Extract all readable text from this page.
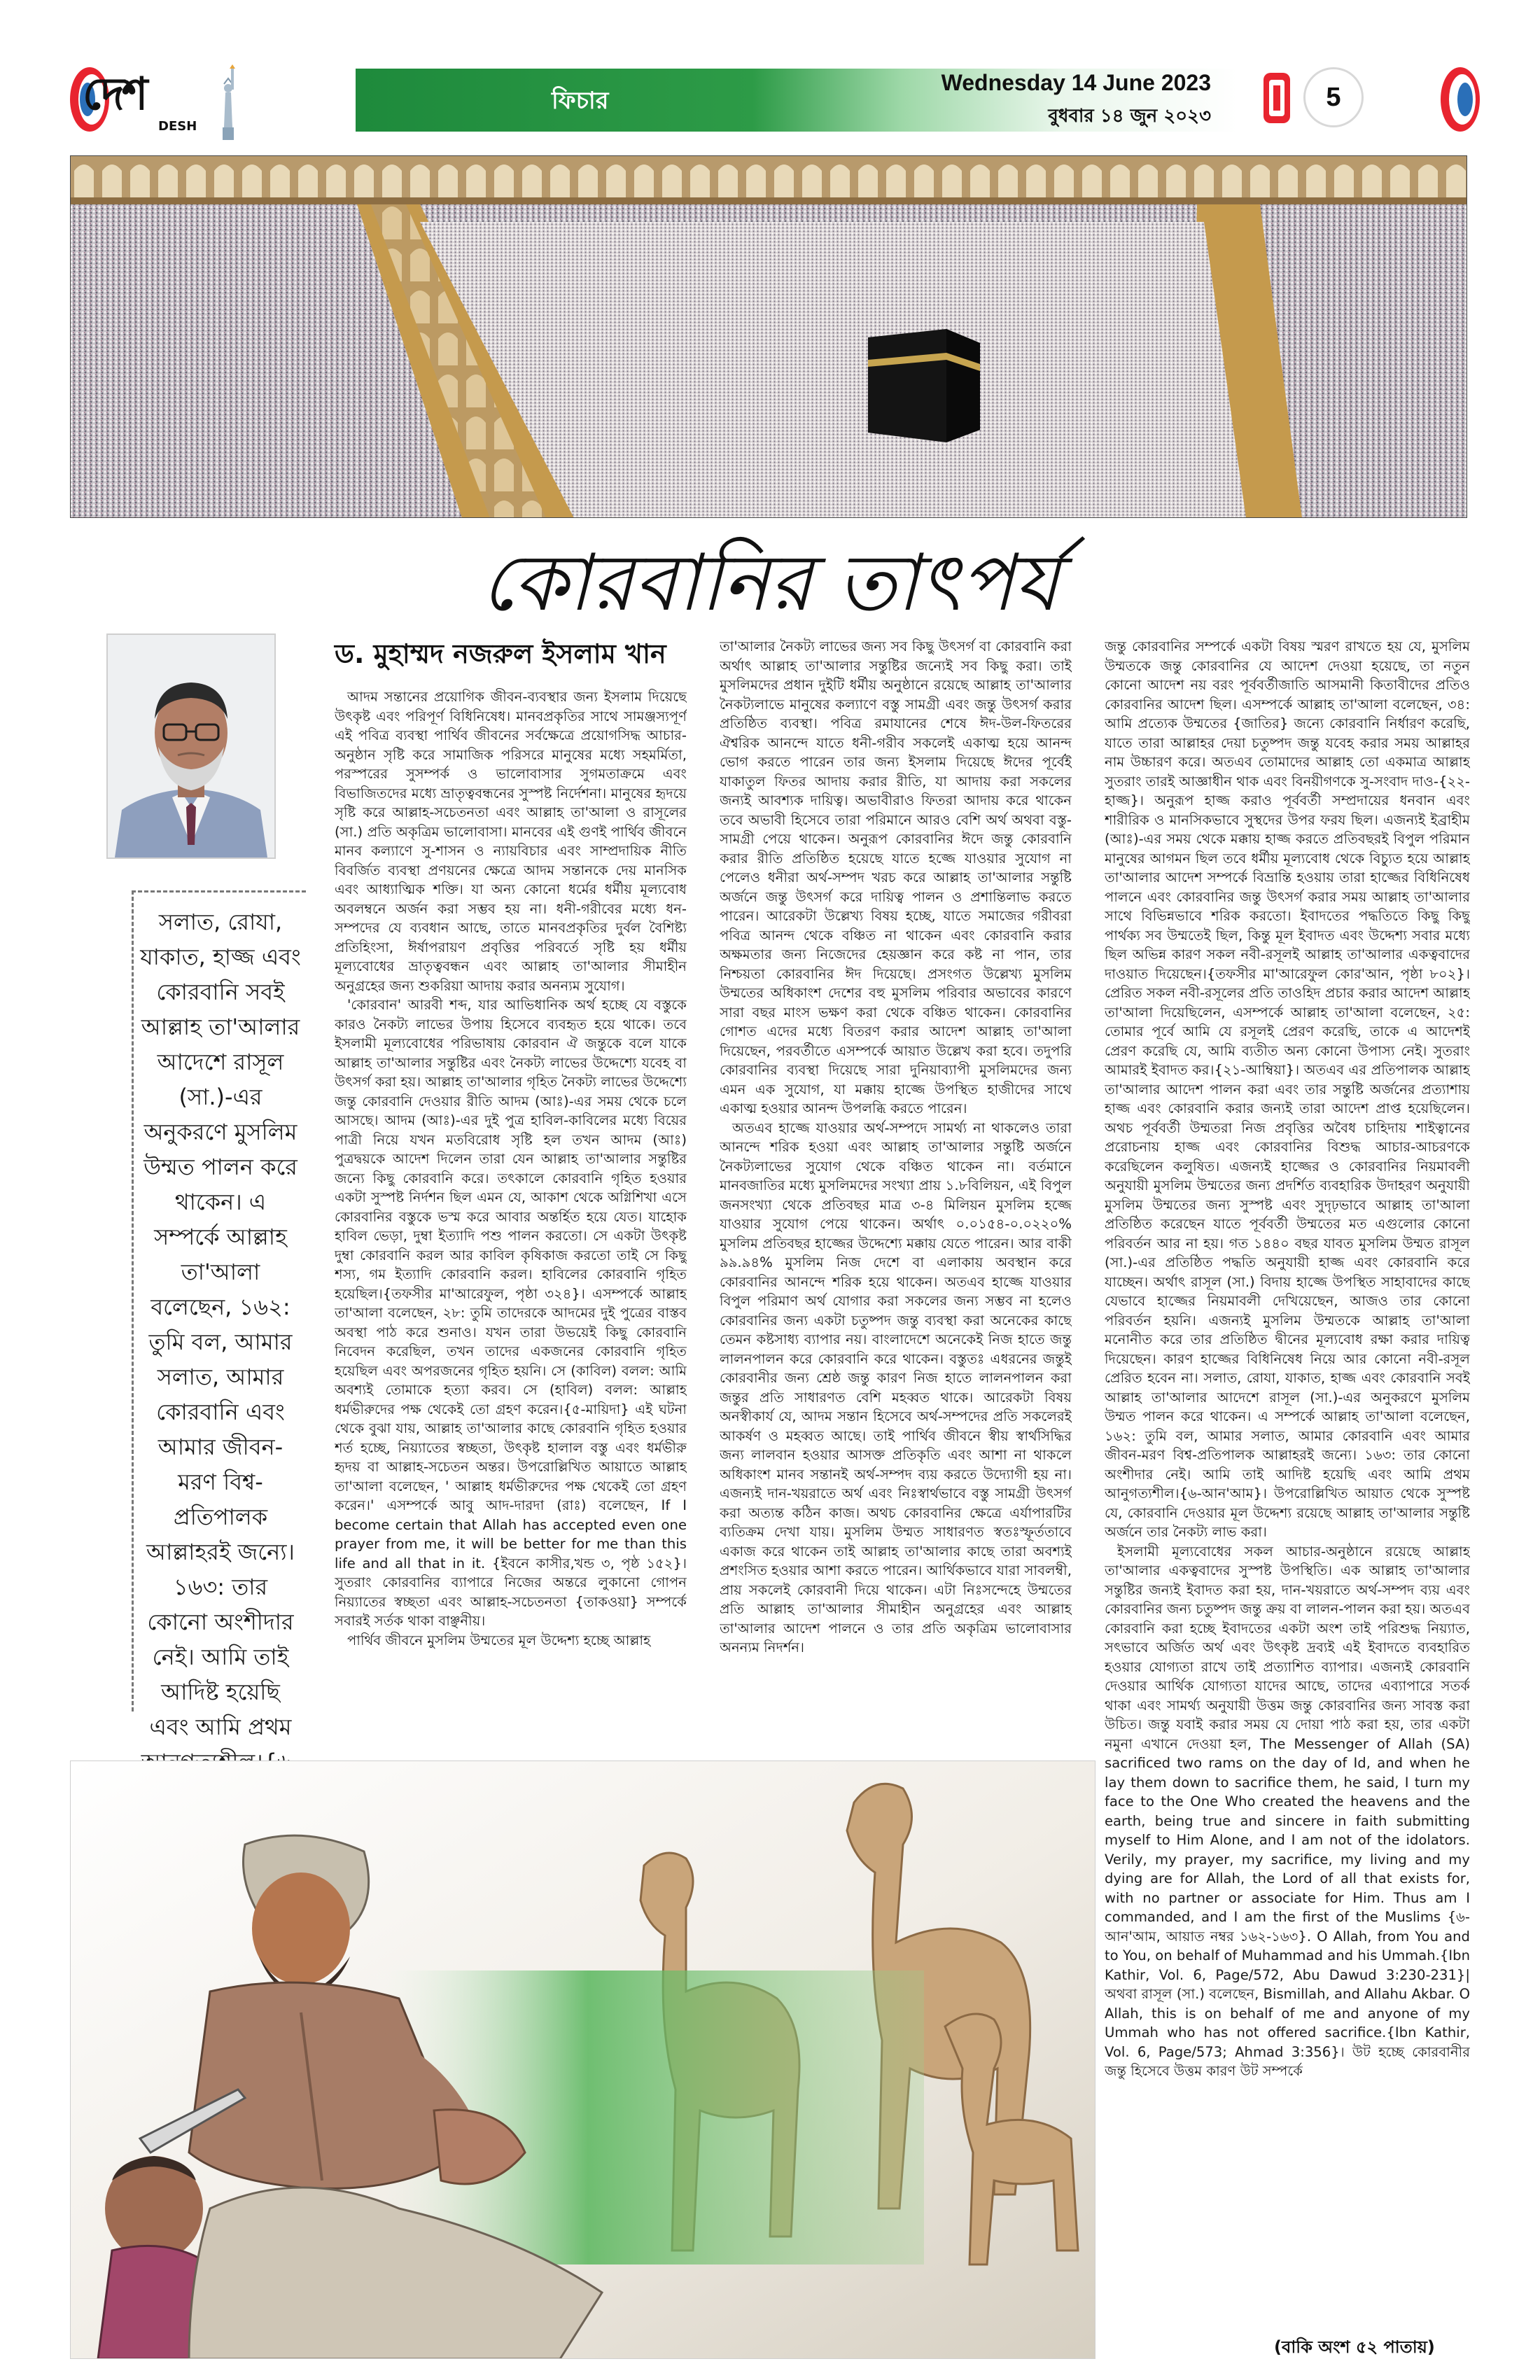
দেশ
DESH
ফিচার
Wednesday 14 June 2023
বুধবার ১৪ জুন ২০২৩
5
কোরবানির তাৎপর্য
ড. মুহাম্মদ নজরুল ইসলাম খান
সলাত, রোযা, যাকাত, হাজ্জ এবং কোরবানি সবই আল্লাহ তা'আলার আদেশে রাসূল (সা.)-এর অনুকরণে মুসলিম উম্মত পালন করে থাকেন। এ সম্পর্কে আল্লাহ তা'আলা বলেছেন, ১৬২: তুমি বল, আমার সলাত, আমার কোরবানি এবং আমার জীবন-মরণ বিশ্ব-প্রতিপালক আল্লাহরই জন্যে। ১৬৩: তার কোনো অংশীদার নেই। আমি তাই আদিষ্ট হয়েছি এবং আমি প্রথম

আদম সন্তানের প্রয়োগিক জীবন-ব্যবস্থার জন্য ইসলাম দিয়েছে উৎকৃষ্ট এবং পরিপূর্ণ বিধিনিষেধ। মানবপ্রকৃতির সাথে সামঞ্জস্যপূর্ণ এই পবিত্র ব্যবস্থা পার্থিব জীবনের সর্বক্ষেত্রে প্রয়োগসিদ্ধ আচার-অনুষ্ঠান সৃষ্টি করে সামাজিক পরিসরে মানুষের মধ্যে সহমর্মিতা, পরস্পরের সুসম্পর্ক ও ভালোবাসার সুগমতাক্রমে এবং বিভাজিতদের মধ্যে ভ্রাতৃত্ববন্ধনের সুস্পষ্ট নির্দেশনা। মানুষের হৃদয়ে সৃষ্টি করে আল্লাহ-সচেতনতা এবং আল্লাহ তা'আলা ও রাসূলের (সা.) প্রতি অকৃত্রিম ভালোবাসা। মানবের এই গুণই পার্থিব জীবনে মানব কল্যাণে সু-শাসন ও ন্যায়বিচার এবং সাম্প্রদায়িক নীতি বিবর্জিত ব্যবস্থা প্রণয়নের ক্ষেত্রে আদম সন্তানকে দেয় মানসিক এবং আধ্যাত্মিক শক্তি। যা অন্য কোনো ধর্মের ধর্মীয় মূল্যবোধ অবলম্বনে অর্জন করা সম্ভব হয় না। ধনী-গরীবের মধ্যে ধন-সম্পদের যে ব্যবধান আছে, তাতে মানবপ্রকৃতির দুর্বল বৈশিষ্ট্য প্রতিহিংসা, ঈর্ষাপরায়ণ প্রবৃত্তির পরিবর্তে সৃষ্টি হয় ধর্মীয় মূল্যবোধের ভ্রাতৃত্ববন্ধন এবং আল্লাহ তা'আলার সীমাহীন অনুগ্রহের জন্য শুকরিয়া আদায় করার অনন্যম সুযোগ।

'কোরবান' আরবী শব্দ, যার আভিধানিক অর্থ হচ্ছে যে বস্তুকে কারও নৈকট্য লাভের উপায় হিসেবে ব্যবহৃত হয়ে থাকে। তবে ইসলামী মূল্যবোধের পরিভাষায় কোরবান ঐ জন্তুকে বলে যাকে আল্লাহ তা'আলার সন্তুষ্টির এবং নৈকট্য লাভের উদ্দেশ্যে যবেহ বা উৎসর্গ করা হয়। আল্লাহ তা'আলার গৃহিত নৈকট্য লাভের উদ্দেশ্যে জন্তু কোরবানি দেওয়ার রীতি আদম (আঃ)-এর সময় থেকে চলে আসছে। আদম (আঃ)-এর দুই পুত্র হাবিল-কাবিলের মধ্যে বিয়ের পাত্রী নিয়ে যখন মতবিরোধ সৃষ্টি হল তখন আদম (আঃ) পুত্রদ্বয়কে আদেশ দিলেন তারা যেন আল্লাহ তা'আলার সন্তুষ্টির জন্যে কিছু কোরবানি করে। তৎকালে কোরবানি গৃহিত হওয়ার একটা সুস্পষ্ট নির্দশন ছিল এমন যে, আকাশ থেকে অগ্নিশিখা এসে কোরবানির বস্তুকে ভস্ম করে আবার অন্তর্হিত হয়ে যেত। যাহোক হাবিল ভেড়া, দুম্বা ইত্যাদি পশু পালন করতো। সে একটা উৎকৃষ্ট দুম্বা কোরবানি করল আর কাবিল কৃষিকাজ করতো তাই সে কিছু শস্য, গম ইত্যাদি কোরবানি করল। হাবিলের কোরবানি গৃহিত হয়েছিল।{তফসীর মা'আরেফুল, পৃষ্ঠা ৩২৪}। এসম্পর্কে আল্লাহ তা'আলা বলেছেন, ২৮: তুমি তাদেরকে আদমের দুই পুত্রের বাস্তব অবস্থা পাঠ করে শুনাও। যখন তারা উভয়েই কিছু কোরবানি নিবেদন করেছিল, তখন তাদের একজনের কোরবানি গৃহিত হয়েছিল এবং অপরজনের গৃহিত হয়নি। সে (কাবিল) বলল: আমি অবশ্যই তোমাকে হত্যা করব। সে (হাবিল) বলল: আল্লাহ ধর্মভীরুদের পক্ষ থেকেই তো গ্রহণ করেন।{৫-মায়িদা} এই ঘটনা থেকে বুঝা যায়, আল্লাহ তা'আলার কাছে কোরবানি গৃহিত হওয়ার শর্ত হচ্ছে, নিয়্যাতের স্বচ্ছতা, উৎকৃষ্ট হালাল বস্তু এবং ধর্মভীরু হৃদয় বা আল্লাহ-সচেতন অন্তর। উপরোল্লিখিত আয়াতে আল্লাহ তা'আলা বলেছেন, ' আল্লাহ ধর্মভীরুদের পক্ষ থেকেই তো গ্রহণ করেন।' এসম্পর্কে আবু আদ-দারদা (রাঃ) বলেছেন, If I become certain that Allah has accepted even one prayer from me, it will be better for me than this life and all that in it. {ইবনে কাসীর,খন্ড ৩, পৃষ্ঠ ১৫২}। সুতরাং কোরবানির ব্যাপারে নিজের অন্তরে লুকানো গোপন নিয়্যাতের স্বচ্ছতা এবং আল্লাহ-সচেতনতা {তাকওয়া} সম্পর্কে সবারই সর্তক থাকা বাঞ্ছনীয়।

পার্থিব জীবনে মুসলিম উম্মতের মূল উদ্দেশ্য হচ্ছে আল্লাহ

তা'আলার নৈকট্য লাভের জন্য সব কিছু উৎসর্গ বা কোরবানি করা অর্থাৎ আল্লাহ তা'আলার সন্তুষ্টির জন্যেই সব কিছু করা। তাই মুসলিমদের প্রধান দুইটি ধর্মীয় অনুষ্ঠানে রয়েছে আল্লাহ তা'আলার নৈকট্যলাভে মানুষের কল্যাণে বস্তু সামগ্রী এবং জন্তু উৎসর্গ করার প্রতিষ্ঠিত ব্যবস্থা। পবিত্র রমাযানের শেষে ঈদ-উল-ফিতরের ঐশ্বরিক আনন্দে যাতে ধনী-গরীব সকলেই একাত্ম হয়ে আনন্দ ভোগ করতে পারেন তার জন্য ইসলাম দিয়েছে ঈদের পূর্বেই যাকাতুল ফিতর আদায় করার রীতি, যা আদায় করা সকলের জন্যই আবশ্যক দায়িত্ব। অভাবীরাও ফিতরা আদায় করে থাকেন তবে অভাবী হিসেবে তারা পরিমানে আরও বেশি অর্থ অথবা বস্তু-সামগ্রী পেয়ে থাকেন। অনুরূপ কোরবানির ঈদে জন্তু কোরবানি করার রীতি প্রতিষ্ঠিত হয়েছে যাতে হজ্জে যাওয়ার সুযোগ না পেলেও ধনীরা অর্থ-সম্পদ খরচ করে আল্লাহ তা'আলার সন্তুষ্টি অর্জনে জন্তু উৎসর্গ করে দায়িত্ব পালন ও প্রশান্তিলাভ করতে পারেন। আরেকটা উল্লেখ্য বিষয় হচ্ছে, যাতে সমাজের গরীবরা পবিত্র আনন্দ থেকে বঞ্চিত না থাকেন এবং কোরবানি করার অক্ষমতার জন্য নিজেদের হেয়জ্ঞান করে কষ্ট না পান, তার নিশ্চয়তা কোরবানির ঈদ দিয়েছে। প্রসংগত উল্লেখ্য মুসলিম উম্মতের অধিকাংশ দেশের বহু মুসলিম পরিবার অভাবের কারণে সারা বছর মাংস ভক্ষণ করা থেকে বঞ্চিত থাকেন। কোরবানির গোশত এদের মধ্যে বিতরণ করার আদেশ আল্লাহ তা'আলা দিয়েছেন, পরবর্তীতে এসম্পর্কে আয়াত উল্লেখ করা হবে। তদুপরি কোরবানির ব্যবস্থা দিয়েছে সারা দুনিয়াব্যাপী মুসলিমদের জন্য এমন এক সুযোগ, যা মক্কায় হাজ্জে উপস্থিত হাজীদের সাথে একাত্ম হওয়ার আনন্দ উপলব্ধি করতে পারেন।

অতএব হাজ্জে যাওয়ার অর্থ-সম্পদে সামর্থ্য না থাকলেও তারা আনন্দে শরিক হওয়া এবং আল্লাহ তা'আলার সন্তুষ্টি অর্জনে নৈকট্যলাভের সুযোগ থেকে বঞ্চিত থাকেন না। বর্তমানে মানবজাতির মধ্যে মুসলিমদের সংখ্যা প্রায় ১.৮বিলিয়ন, এই বিপুল জনসংখ্যা থেকে প্রতিবছর মাত্র ৩-৪ মিলিয়ন মুসলিম হজ্জে যাওয়ার সুযোগ পেয়ে থাকেন। অর্থাৎ ০.০১৫৪-০.০২২০% মুসলিম প্রতিবছর হাজ্জের উদ্দেশ্যে মক্কায় যেতে পারেন। আর বাকী ৯৯.৯৪% মুসলিম নিজ দেশে বা এলাকায় অবস্থান করে কোরবানির আনন্দে শরিক হয়ে থাকেন। অতএব হাজ্জে যাওয়ার বিপুল পরিমাণ অর্থ যোগার করা সকলের জন্য সম্ভব না হলেও কোরবানির জন্য একটা চতুষ্পদ জন্তু ব্যবস্থা করা অনেকের কাছে তেমন কষ্টসাধ্য ব্যাপার নয়। বাংলাদেশে অনেকেই নিজ হাতে জন্তু লালনপালন করে কোরবানি করে থাকেন। বস্তুতঃ এধরনের জন্তুই কোরবানীর জন্য শ্রেষ্ঠ জন্তু কারণ নিজ হাতে লালনপালন করা জন্তুর প্রতি সাধারণত বেশি মহব্বত থাকে। আরেকটা বিষয় অনস্বীকার্য যে, আদম সন্তান হিসেবে অর্থ-সম্পদের প্রতি সকলেরই আকর্ষণ ও মহব্বত আছে। তাই পার্থিব জীবনে স্বীয় স্বার্থসিদ্ধির জন্য লালবান হওয়ার আসক্ত প্রতিকৃতি এবং আশা না থাকলে অধিকাংশ মানব সন্তানই অর্থ-সম্পদ ব্যয় করতে উদ্যোগী হয় না। এজন্যই দান-খয়রাতে অর্থ এবং নিঃস্বার্থভাবে বস্তু সামগ্রী উৎসর্গ করা অত্যন্ত কঠিন কাজ। অথচ কোরবানির ক্ষেত্রে এর্যাপারটির ব্যতিক্রম দেখা যায়। মুসলিম উম্মত সাধারণত স্বতঃস্ফূর্ততাবে একাজ করে থাকেন তাই আল্লাহ তা'আলার কাছে তারা অবশ্যই প্রশংসিত হওয়ার আশা করতে পারেন। আর্থিকভাবে যারা সাবলম্বী, প্রায় সকলেই কোরবানী দিয়ে থাকেন। এটা নিঃসন্দেহে উম্মতের প্রতি আল্লাহ তা'আলার সীমাহীন অনুগ্রহের এবং আল্লাহ তা'আলার আদেশ পালনে ও তার প্রতি অকৃত্রিম ভালোবাসার অনন্যম নিদর্শন।

জন্তু কোরবানির সম্পর্কে একটা বিষয় স্মরণ রাখতে হয় যে, মুসলিম উম্মতকে জন্তু কোরবানির যে আদেশ দেওয়া হয়েছে, তা নতুন কোনো আদেশ নয় বরং পূর্ববর্তীজাতি আসমানী কিতাবীদের প্রতিও কোরবানির আদেশ ছিল। এসম্পর্কে আল্লাহ তা'আলা বলেছেন, ৩৪: আমি প্রত্যেক উম্মতের {জাতির} জন্যে কোরবানি নির্ধারণ করেছি, যাতে তারা আল্লাহর দেয়া চতুষ্পদ জন্তু যবেহ করার সময় আল্লাহর নাম উচ্চারণ করে। অতএব তোমাদের আল্লাহ তো একমাত্র আল্লাহ সুতরাং তারই আজ্ঞাধীন থাক এবং বিনয়ীগণকে সু-সংবাদ দাও-{২২-হাজ্জ}। অনুরূপ হাজ্জ করাও পূর্ববর্তী সম্প্রদায়ের ধনবান এবং শারীরিক ও মানসিকভাবে সুস্থদের উপর ফরয ছিল। এজন্যই ইব্রাহীম (আঃ)-এর সময় থেকে মক্কায় হাজ্জ করতে প্রতিবছরই বিপুল পরিমান মানুষের আগমন ছিল তবে ধর্মীয় মূল্যবোধ থেকে বিচ্যুত হয়ে আল্লাহ তা'আলার আদেশ সম্পর্কে বিভ্রান্তি হওয়ায় তারা হাজ্জের বিধিনিষেধ পালনে এবং কোরবানির জন্তু উৎসর্গ করার সময় আল্লাহ তা'আলার সাথে বিভিন্নভাবে শরিক করতো। ইবাদতের পদ্ধতিতে কিছু কিছু পার্থক্য সব উম্মতেই ছিল, কিন্তু মূল ইবাদত এবং উদ্দেশ্য সবার মধ্যে ছিল অভিন্ন কারণ সকল নবী-রসূলই আল্লাহ তা'আলার একত্ববাদের দাওয়াত দিয়েছেন।{তফসীর মা'আরেফুল কোর'আন, পৃষ্ঠা ৮০২}। প্রেরিত সকল নবী-রসূলের প্রতি তাওহিদ প্রচার করার আদেশ আল্লাহ তা'আলা দিয়েছিলেন, এসম্পর্কে আল্লাহ তা'আলা বলেছেন, ২৫: তোমার পূর্বে আমি যে রসূলই প্রেরণ করেছি, তাকে এ আদেশই প্রেরণ করেছি যে, আমি ব্যতীত অন্য কোনো উপাস্য নেই। সুতরাং আমারই ইবাদত কর।{২১-আম্বিয়া}। অতএব এর প্রতিপালক আল্লাহ তা'আলার আদেশ পালন করা এবং তার সন্তুষ্টি অর্জনের প্রত্যাশায় হাজ্জ এবং কোরবানি করার জন্যই তারা আদেশ প্রাপ্ত হয়েছিলেন। অথচ পূর্ববর্তী উম্মতরা নিজ প্রবৃত্তির অবৈধ চাহিদায় শাইত্বানের প্ররোচনায় হাজ্জ এবং কোরবানির বিশুদ্ধ আচার-আচরণকে করেছিলেন কলুষিত। এজন্যই হাজ্জের ও কোরবানির নিয়মাবলী অনুযায়ী মুসলিম উম্মতের জন্য প্রদর্শিত ব্যবহারিক উদাহরণ অনুযায়ী মুসলিম উম্মতের জন্য সুস্পষ্ট এবং সুদৃঢ়ভাবে আল্লাহ তা'আলা প্রতিষ্ঠিত করেছেন যাতে পূর্ববর্তী উম্মতের মত এগুলোর কোনো পরিবর্তন আর না হয়। গত ১৪৪০ বছর যাবত মুসলিম উম্মত রাসূল (সা.)-এর প্রতিষ্ঠিত পদ্ধতি অনুযায়ী হাজ্জ এবং কোরবানি করে যাচ্ছেন। অর্থাৎ রাসূল (সা.) বিদায় হাজ্জে উপস্থিত সাহাবাদের কাছে যেভাবে হাজ্জের নিয়মাবলী দেখিয়েছেন, আজও তার কোনো পরিবর্তন হয়নি। এজন্যই মুসলিম উম্মতকে আল্লাহ তা'আলা মনোনীত করে তার প্রতিষ্ঠিত দ্বীনের মূল্যবোধ রক্ষা করার দায়িত্ব দিয়েছেন। কারণ হাজ্জের বিধিনিষেধ নিয়ে আর কোনো নবী-রসূল প্রেরিত হবেন না। সলাত, রোযা, যাকাত, হাজ্জ এবং কোরবানি সবই আল্লাহ তা'আলার আদেশে রাসূল (সা.)-এর অনুকরণে মুসলিম উম্মত পালন করে থাকেন। এ সম্পর্কে আল্লাহ তা'আলা বলেছেন, ১৬২: তুমি বল, আমার সলাত, আমার কোরবানি এবং আমার জীবন-মরণ বিশ্ব-প্রতিপালক আল্লাহরই জন্যে। ১৬৩: তার কোনো অংশীদার নেই। আমি তাই আদিষ্ট হয়েছি এবং আমি প্রথম আনুগত্যশীল।{৬-আন'আম}। উপরোল্লিখিত আয়াত থেকে সুস্পষ্ট যে, কোরবানি দেওয়ার মূল উদ্দেশ্য রয়েছে আল্লাহ তা'আলার সন্তুষ্টি অর্জনে তার নৈকট্য লাভ করা।

ইসলামী মূল্যবোধের সকল আচার-অনুষ্ঠানে রয়েছে আল্লাহ তা'আলার একত্ববাদের সুস্পষ্ট উপস্থিতি। এক আল্লাহ তা'আলার সন্তুষ্টির জন্যই ইবাদত করা হয়, দান-খয়রাতে অর্থ-সম্পদ ব্যয় এবং কোরবানির জন্য চতুষ্পদ জন্তু ক্রয় বা লালন-পালন করা হয়। অতএব কোরবানি করা হচ্ছে ইবাদতের একটা অংশ তাই পরিশুদ্ধ নিয়্যাত, সৎভাবে অর্জিত অর্থ এবং উৎকৃষ্ট দ্রব্যই এই ইবাদতে ব্যবহারিত হওয়ার যোগ্যতা রাখে তাই প্রত্যাশিত ব্যাপার। এজন্যই কোরবানি দেওয়ার আর্থিক যোগ্যতা যাদের আছে, তাদের এব্যাপারে সতর্ক থাকা এবং সামর্থ্য অনুযায়ী উত্তম জন্তু কোরবানির জন্য সাবস্ত করা উচিত। জন্তু যবাই করার সময় যে দোয়া পাঠ করা হয়, তার একটা নমুনা এখানে দেওয়া হল, The Messenger of Allah (SA) sacrificed two rams on the day of Id, and when he lay them down to sacrifice them, he said, I turn my face to the One Who created the heavens and the earth, being true and sincere in faith submitting myself to Him Alone, and I am not of the idolators. Verily, my prayer, my sacrifice, my living and my dying are for Allah, the Lord of all that exists for, with no partner or associate for Him. Thus am I commanded, and I am the first of the Muslims {৬-আন'আম, আয়াত নম্বর ১৬২-১৬৩}. O Allah, from You and to You, on behalf of Muhammad and his Ummah.{Ibn Kathir, Vol. 6, Page/572, Abu Dawud 3:230-231}| অথবা রাসূল (সা.) বলেছেন, Bismillah, and Allahu Akbar. O Allah, this is on behalf of me and anyone of my Ummah who has not offered sacrifice.{Ibn Kathir, Vol. 6, Page/573; Ahmad 3:356}। উট হচ্ছে কোরবানীর জন্তু হিসেবে উত্তম কারণ উট সম্পর্কে

(বাকি অংশ ৫২ পাতায়)
